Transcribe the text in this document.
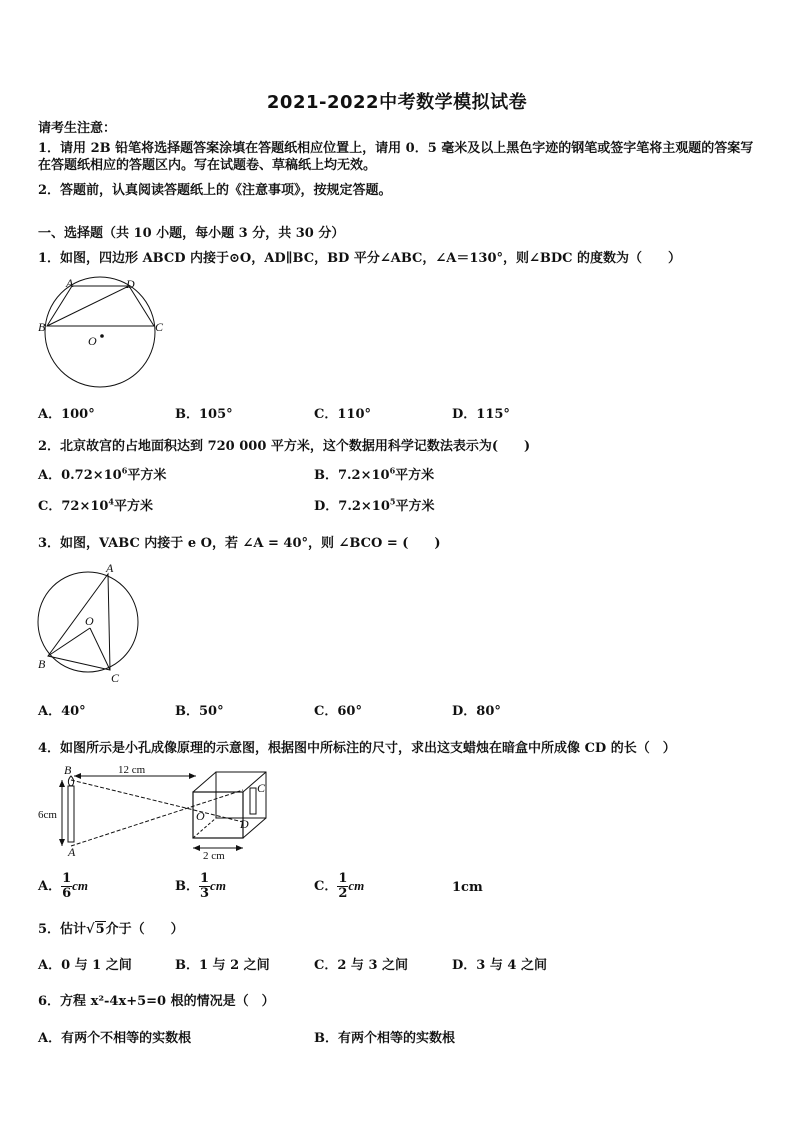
2021-2022中考数学模拟试卷
请考生注意：
1．请用 2B 铅笔将选择题答案涂填在答题纸相应位置上，请用 0．5 毫米及以上黑色字迹的钢笔或签字笔将主观题的答案写在答题纸相应的答题区内。写在试题卷、草稿纸上均无效。
2．答题前，认真阅读答题纸上的《注意事项》，按规定答题。
一、选择题（共 10 小题，每小题 3 分，共 30 分）
1．如图，四边形 ABCD 内接于⊙O，AD∥BC，BD 平分∠ABC，∠A＝130°，则∠BDC 的度数为（　　）
A	D
B	C
O
A．100°	B．105°	C．110°	D．115°
2．北京故宫的占地面积达到 720 000 平方米，这个数据用科学记数法表示为(　　)
A．$0.72\times 10^6$平方米	B．$7.2\times 10^6$平方米
C．$72\times 10^4$平方米	D．$7.2\times 10^5$平方米
3．如图，VABC 内接于 e O，若 ∠A = 40°，则 ∠BCO = (　　)
A
O
B
C
A．40°	B．50°	C．60°	D．80°
4．如图所示是小孔成像原理的示意图，根据图中所标注的尺寸，求出这支蜡烛在暗盒中所成像 CD 的长（　）
6cm
12 cm
2 cm
B
A
O
C
D
A． $\frac{1}{6}$ cm	B． $\frac{1}{3}$ cm	C． $\frac{1}{2}$ cm	1cm
5．估计√5介于（　　）
A．0 与 1 之间	B．1 与 2 之间	C．2 与 3 之间	D．3 与 4 之间
6．方程 x²-4x+5=0 根的情况是（　）
A．有两个不相等的实数根	B．有两个相等的实数根
